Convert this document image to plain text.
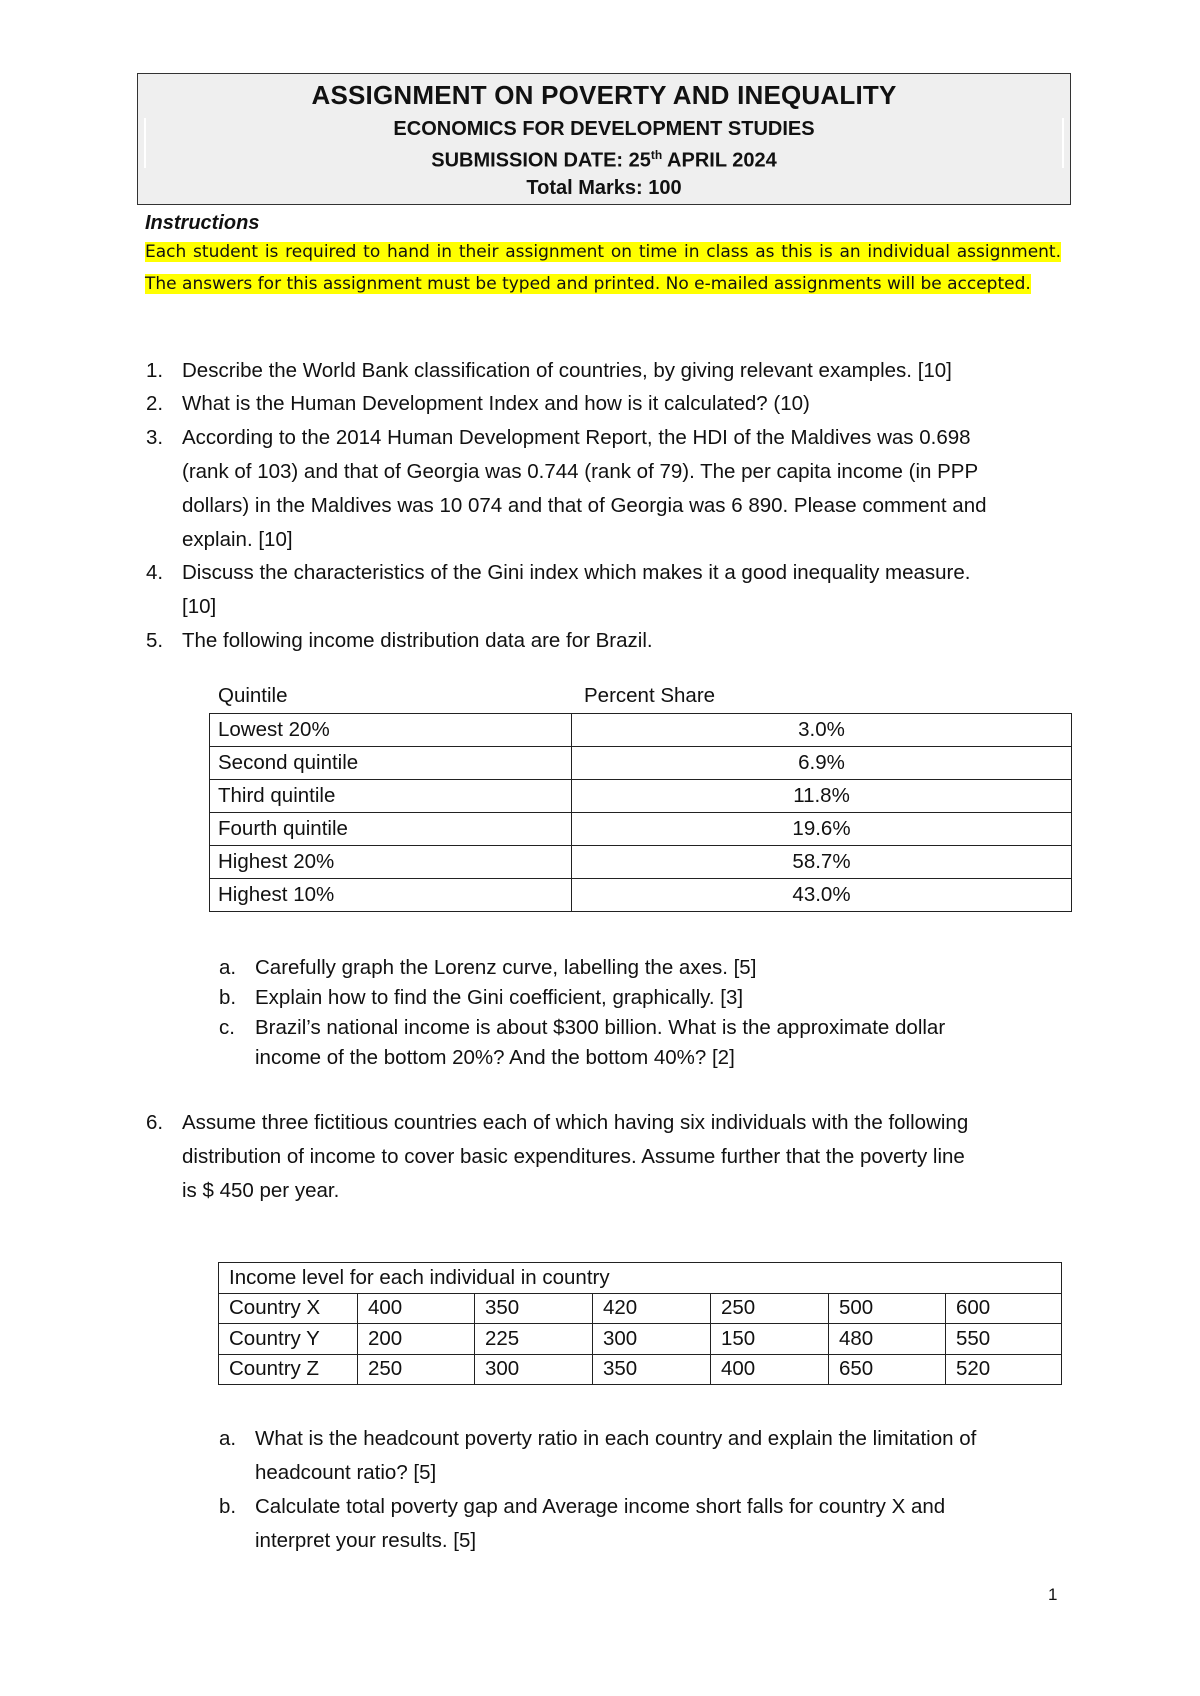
ASSIGNMENT ON POVERTY AND INEQUALITY
ECONOMICS FOR DEVELOPMENT STUDIES
SUBMISSION DATE: 25th APRIL 2024
Total Marks: 100
Instructions
Each student is required to hand in their assignment on time in class as this is an individual assignment. The answers for this assignment must be typed and printed. No e-mailed assignments will be accepted.
1. Describe the World Bank classification of countries, by giving relevant examples. [10]
2. What is the Human Development Index and how is it calculated? (10)
3. According to the 2014 Human Development Report, the HDI of the Maldives was 0.698
(rank of 103) and that of Georgia was 0.744 (rank of 79). The per capita income (in PPP
dollars) in the Maldives was 10 074 and that of Georgia was 6 890. Please comment and
explain. [10]
4. Discuss the characteristics of the Gini index which makes it a good inequality measure.
[10]
5. The following income distribution data are for Brazil.
Quintile	Percent Share
Lowest 20%	3.0%
Second quintile	6.9%
Third quintile	11.8%
Fourth quintile	19.6%
Highest 20%	58.7%
Highest 10%	43.0%
a. Carefully graph the Lorenz curve, labelling the axes. [5]
b. Explain how to find the Gini coefficient, graphically. [3]
c. Brazil’s national income is about $300 billion. What is the approximate dollar
income of the bottom 20%? And the bottom 40%? [2]
6. Assume three fictitious countries each of which having six individuals with the following
distribution of income to cover basic expenditures. Assume further that the poverty line
is $ 450 per year.
Income level for each individual in country						
Country X	400	350	420	250	500	600
Country Y	200	225	300	150	480	550
Country Z	250	300	350	400	650	520
a. What is the headcount poverty ratio in each country and explain the limitation of
headcount ratio? [5]
b. Calculate total poverty gap and Average income short falls for country X and
interpret your results. [5]
1
